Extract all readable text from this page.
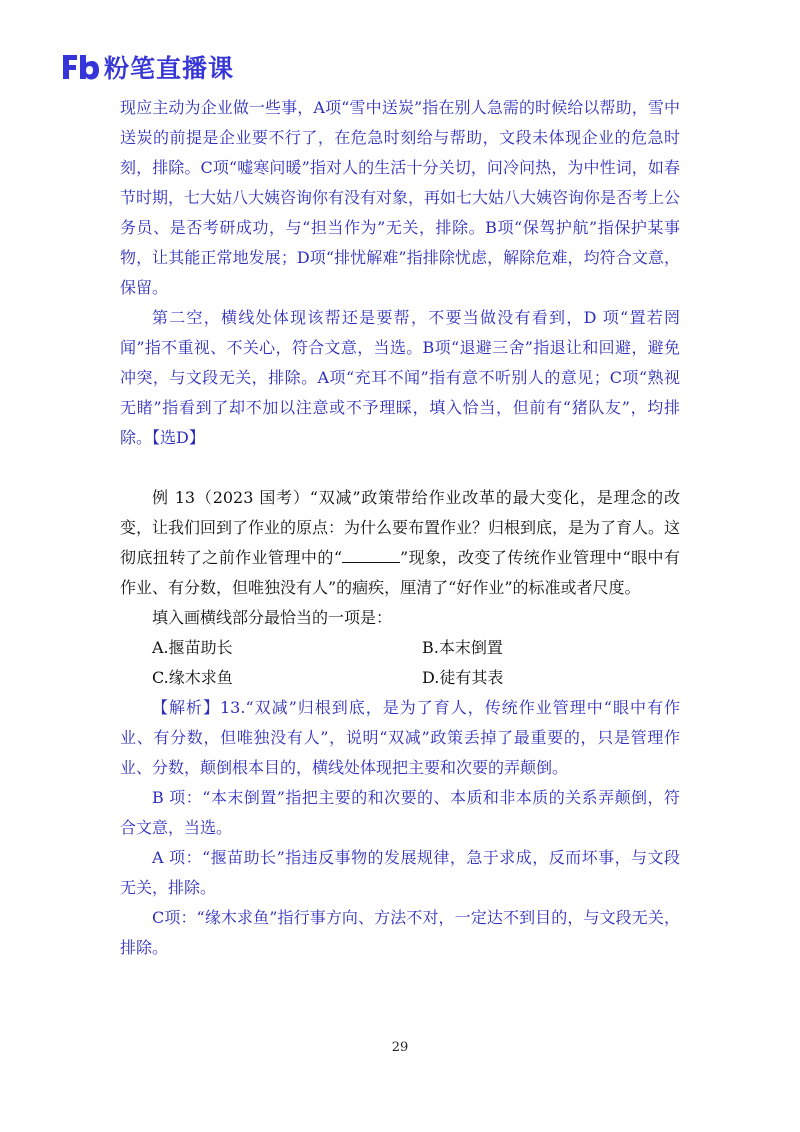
粉笔直播课

现应主动为企业做一些事，A项“雪中送炭”指在别人急需的时候给以帮助，雪中送炭的前提是企业要不行了，在危急时刻给与帮助，文段未体现企业的危急时刻，排除。C项“嘘寒问暖”指对人的生活十分关切，问冷问热，为中性词，如春节时期，七大姑八大姨咨询你有没有对象，再如七大姑八大姨咨询你是否考上公务员、是否考研成功，与“担当作为”无关，排除。B项“保驾护航”指保护某事物，让其能正常地发展；D项“排忧解难”指排除忧虑，解除危难，均符合文意，保留。

第二空，横线处体现该帮还是要帮，不要当做没有看到，D 项“置若罔闻”指不重视、不关心，符合文意，当选。B项“退避三舍”指退让和回避，避免冲突，与文段无关，排除。A项“充耳不闻”指有意不听别人的意见；C项“熟视无睹”指看到了却不加以注意或不予理睬，填入恰当，但前有“猪队友”，均排除。【选D】

例 13（2023 国考）“双减”政策带给作业改革的最大变化，是理念的改变，让我们回到了作业的原点：为什么要布置作业？归根到底，是为了育人。这彻底扭转了之前作业管理中的“	”现象，改变了传统作业管理中“眼中有作业、有分数，但唯独没有人”的痼疾，厘清了“好作业”的标准或者尺度。

填入画横线部分最恰当的一项是：

A.揠苗助长	B.本末倒置
C.缘木求鱼	D.徒有其表

【解析】13.“双减”归根到底，是为了育人，传统作业管理中“眼中有作业、有分数，但唯独没有人”，说明“双减”政策丢掉了最重要的，只是管理作业、分数，颠倒根本目的，横线处体现把主要和次要的弄颠倒。

B 项：“本末倒置”指把主要的和次要的、本质和非本质的关系弄颠倒，符合文意，当选。

A 项：“揠苗助长”指违反事物的发展规律，急于求成，反而坏事，与文段无关，排除。

C项：“缘木求鱼”指行事方向、方法不对，一定达不到目的，与文段无关，排除。

29
